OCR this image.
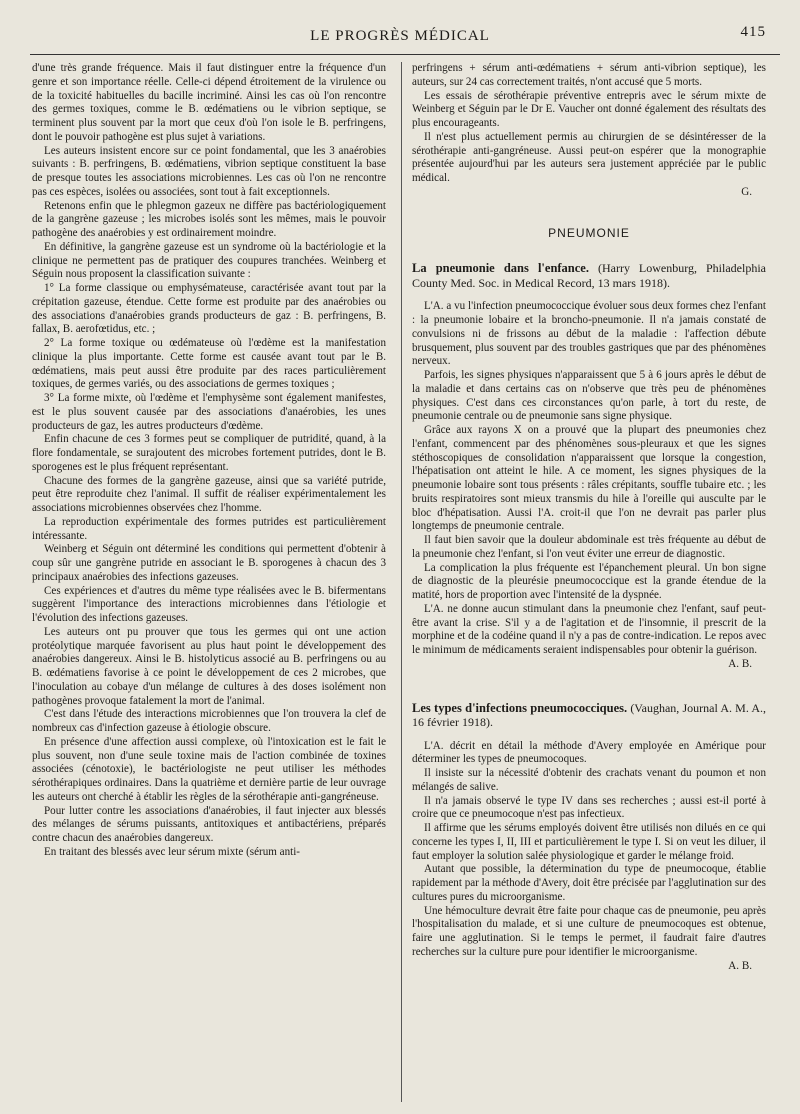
LE PROGRÈS MÉDICAL	415

d'une très grande fréquence. Mais il faut distinguer entre la fréquence d'un genre et son importance réelle. Celle-ci dépend étroitement de la virulence ou de la toxicité habituelles du bacille incriminé. Ainsi les cas où l'on rencontre des germes toxiques, comme le B. œdématiens ou le vibrion septique, se terminent plus souvent par la mort que ceux d'où l'on isole le B. perfringens, dont le pouvoir pathogène est plus sujet à variations.

Les auteurs insistent encore sur ce point fondamental, que les 3 anaérobies suivants : B. perfringens, B. œdématiens, vibrion septique constituent la base de presque toutes les associations microbiennes. Les cas où l'on ne rencontre pas ces espèces, isolées ou associées, sont tout à fait exceptionnels.

Retenons enfin que le phlegmon gazeux ne diffère pas bactériologiquement de la gangrène gazeuse ; les microbes isolés sont les mêmes, mais le pouvoir pathogène des anaérobies y est ordinairement moindre.

En définitive, la gangrène gazeuse est un syndrome où la bactériologie et la clinique ne permettent pas de pratiquer des coupures tranchées. Weinberg et Séguin nous proposent la classification suivante :

1° La forme classique ou emphysémateuse, caractérisée avant tout par la crépitation gazeuse, étendue. Cette forme est produite par des anaérobies ou des associations d'anaérobies grands producteurs de gaz : B. perfringens, B. fallax, B. aerofœtidus, etc. ;

2° La forme toxique ou œdémateuse où l'œdème est la manifestation clinique la plus importante. Cette forme est causée avant tout par le B. œdématiens, mais peut aussi être produite par des races particulièrement toxiques, de germes variés, ou des associations de germes toxiques ;

3° La forme mixte, où l'œdème et l'emphysème sont également manifestes, est le plus souvent causée par des associations d'anaérobies, les unes producteurs de gaz, les autres producteurs d'œdème.

Enfin chacune de ces 3 formes peut se compliquer de putridité, quand, à la flore fondamentale, se surajoutent des microbes fortement putrides, dont le B. sporogenes est le plus fréquent représentant.

Chacune des formes de la gangrène gazeuse, ainsi que sa variété putride, peut être reproduite chez l'animal. Il suffit de réaliser expérimentalement les associations microbiennes observées chez l'homme.

La reproduction expérimentale des formes putrides est particulièrement intéressante.

Weinberg et Séguin ont déterminé les conditions qui permettent d'obtenir à coup sûr une gangrène putride en associant le B. sporogenes à chacun des 3 principaux anaérobies des infections gazeuses.

Ces expériences et d'autres du même type réalisées avec le B. bifermentans suggèrent l'importance des interactions microbiennes dans l'étiologie et l'évolution des infections gazeuses.

Les auteurs ont pu prouver que tous les germes qui ont une action protéolytique marquée favorisent au plus haut point le développement des anaérobies dangereux. Ainsi le B. histolyticus associé au B. perfringens ou au B. œdématiens favorise à ce point le développement de ces 2 microbes, que l'inoculation au cobaye d'un mélange de cultures à des doses isolément non pathogènes provoque fatalement la mort de l'animal.

C'est dans l'étude des interactions microbiennes que l'on trouvera la clef de nombreux cas d'infection gazeuse à étiologie obscure.

En présence d'une affection aussi complexe, où l'intoxication est le fait le plus souvent, non d'une seule toxine mais de l'action combinée de toxines associées (cénotoxie), le bactériologiste ne peut utiliser les méthodes sérothérapiques ordinaires. Dans la quatrième et dernière partie de leur ouvrage les auteurs ont cherché à établir les règles de la sérothérapie anti-gangréneuse.

Pour lutter contre les associations d'anaérobies, il faut injecter aux blessés des mélanges de sérums puissants, antitoxiques et antibactériens, préparés contre chacun des anaérobies dangereux.

En traitant des blessés avec leur sérum mixte (sérum anti-

perfringens + sérum anti-œdématiens + sérum anti-vibrion septique), les auteurs, sur 24 cas correctement traités, n'ont accusé que 5 morts.

Les essais de sérothérapie préventive entrepris avec le sérum mixte de Weinberg et Séguin par le Dr E. Vaucher ont donné également des résultats des plus encourageants.

Il n'est plus actuellement permis au chirurgien de se désintéresser de la sérothérapie anti-gangréneuse. Aussi peut-on espérer que la monographie présentée aujourd'hui par les auteurs sera justement appréciée par le public médical.

G.

PNEUMONIE
La pneumonie dans l'enfance. (Harry Lowenburg, Philadelphia County Med. Soc. in Medical Record, 13 mars 1918).

L'A. a vu l'infection pneumococcique évoluer sous deux formes chez l'enfant : la pneumonie lobaire et la broncho-pneumonie. Il n'a jamais constaté de convulsions ni de frissons au début de la maladie : l'affection débute brusquement, plus souvent par des troubles gastriques que par des phénomènes nerveux.

Parfois, les signes physiques n'apparaissent que 5 à 6 jours après le début de la maladie et dans certains cas on n'observe que très peu de phénomènes physiques. C'est dans ces circonstances qu'on parle, à tort du reste, de pneumonie centrale ou de pneumonie sans signe physique.

Grâce aux rayons X on a prouvé que la plupart des pneumonies chez l'enfant, commencent par des phénomènes sous-pleuraux et que les signes stéthoscopiques de consolidation n'apparaissent que lorsque la congestion, l'hépatisation ont atteint le hile. A ce moment, les signes physiques de la pneumonie lobaire sont tous présents : râles crépitants, souffle tubaire etc. ; les bruits respiratoires sont mieux transmis du hile à l'oreille qui ausculte par le bloc d'hépatisation. Aussi l'A. croit-il que l'on ne devrait pas parler plus longtemps de pneumonie centrale.

Il faut bien savoir que la douleur abdominale est très fréquente au début de la pneumonie chez l'enfant, si l'on veut éviter une erreur de diagnostic.

La complication la plus fréquente est l'épanchement pleural. Un bon signe de diagnostic de la pleurésie pneumococcique est la grande étendue de la matité, hors de proportion avec l'intensité de la dyspnée.

L'A. ne donne aucun stimulant dans la pneumonie chez l'enfant, sauf peut-être avant la crise. S'il y a de l'agitation et de l'insomnie, il prescrit de la morphine et de la codéine quand il n'y a pas de contre-indication. Le repos avec le minimum de médicaments seraient indispensables pour obtenir la guérison.

A. B.

Les types d'infections pneumococciques. (Vaughan, Journal A. M. A., 16 février 1918).

L'A. décrit en détail la méthode d'Avery employée en Amérique pour déterminer les types de pneumocoques.

Il insiste sur la nécessité d'obtenir des crachats venant du poumon et non mélangés de salive.

Il n'a jamais observé le type IV dans ses recherches ; aussi est-il porté à croire que ce pneumocoque n'est pas infectieux.

Il affirme que les sérums employés doivent être utilisés non dilués en ce qui concerne les types I, II, III et particulièrement le type I. Si on veut les diluer, il faut employer la solution salée physiologique et garder le mélange froid.

Autant que possible, la détermination du type de pneumocoque, établie rapidement par la méthode d'Avery, doit être précisée par l'agglutination sur des cultures pures du microorganisme.

Une hémoculture devrait être faite pour chaque cas de pneumonie, peu après l'hospitalisation du malade, et si une culture de pneumocoques est obtenue, faire une agglutination. Si le temps le permet, il faudrait faire d'autres recherches sur la culture pure pour identifier le microorganisme.

A. B.
